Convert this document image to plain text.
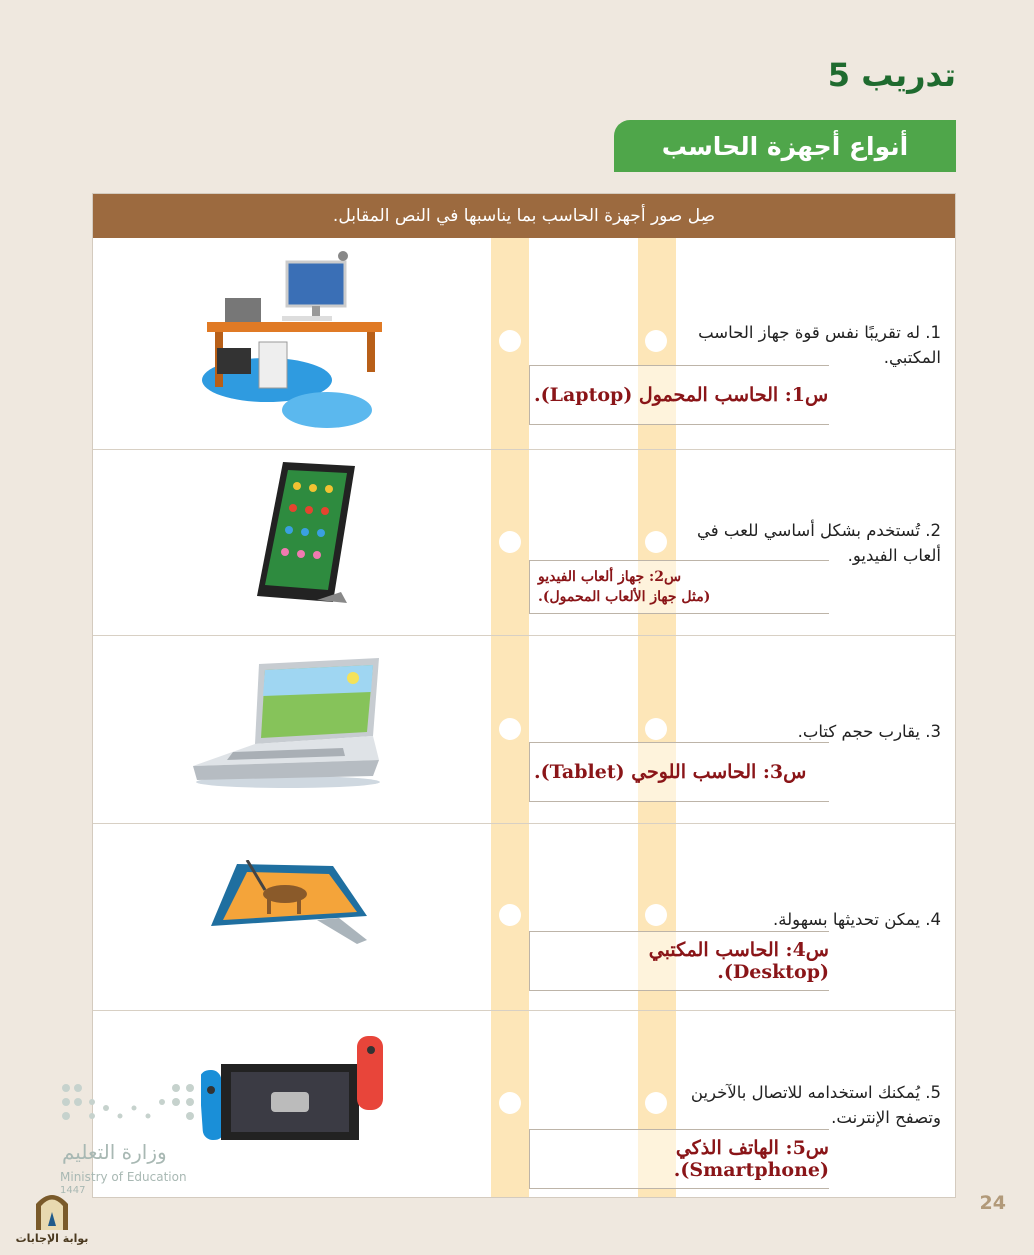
تدريب 5
أنواع أجهزة الحاسب
صِل صور أجهزة الحاسب بما يناسبها في النص المقابل.
1. له تقريبًا نفس قوة جهاز الحاسب المكتبي.
س1: الحاسب المحمول (Laptop).
2. تُستخدم بشكل أساسي للعب في ألعاب الفيديو.
س2: جهاز ألعاب الفيديو
(مثل جهاز الألعاب المحمول).
3. يقارب حجم كتاب.
س3: الحاسب اللوحي (Tablet).
4. يمكن تحديثها بسهولة.
س4: الحاسب المكتبي (Desktop).
5. يُمكنك استخدامه للاتصال بالآخرين وتصفح الإنترنت.
س5: الهاتف الذكي (Smartphone).
وزارة التعليم
Ministry of Education
1447
بوابة الإجابات
24
